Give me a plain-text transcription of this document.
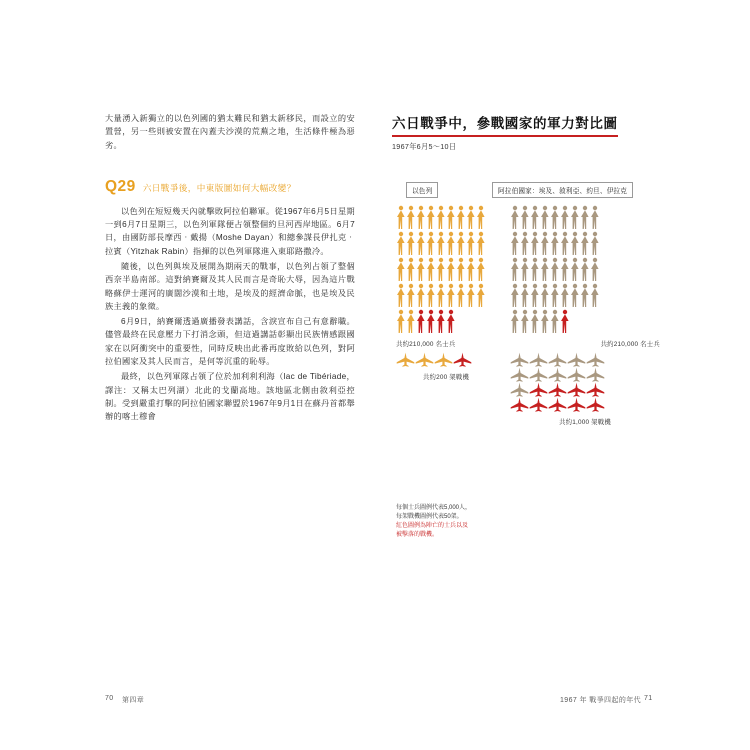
大量湧入新獨立的以色列國的猶太難民和猶太新移民，而設立的安置營，另一些則被安置在內蓋夫沙漠的荒蕪之地，生活條件極為惡劣。

Q29 六日戰爭後，中東版圖如何大幅改變？

以色列在短短幾天內就擊敗阿拉伯聯軍。從1967年6月5日星期一到6月7日星期三，以色列軍隊便占領整個約旦河西岸地區。6月7日，由國防部長摩西‧戴揚（Moshe Dayan）和總參謀長伊扎克‧拉賓（Yitzhak Rabin）指揮的以色列軍隊進入東耶路撒冷。

隨後，以色列與埃及展開為期兩天的戰事，以色列占領了整個西奈半島南部。這對納賽爾及其人民而言是奇恥大辱，因為這片戰略蘇伊士運河的廣闊沙漠和土地，是埃及的經濟命脈，也是埃及民族主義的象徵。

6月9日，納賽爾透過廣播發表講話，含淚宣布自己有意辭職。儘管最終在民意壓力下打消念頭，但這過講話彰顯出民族情感跟國家在以阿衝突中的重要性，同時反映出此番再度敗給以色列，對阿拉伯國家及其人民而言，是何等沉重的恥辱。

最終，以色列軍隊占領了位於加利利利海（lac de Tibériade，譯注：又稱太巴列湖）北此的戈蘭高地。該地區北側由敘利亞控制。受到嚴重打擊的阿拉伯國家聯盟於1967年9月1日在蘇丹首都舉辦的喀土穆會

六日戰爭中，參戰國家的軍力對比圖
1967年6月5～10日
以色列	阿拉伯國家：埃及、敘利亞、約旦、伊拉克
共約210,000 名士兵
共約200 架戰機
共約210,000 名士兵
共約1,000 架戰機
每個士兵圖例代表5,000人，
每架戰機圖例代表50架。
紅色圖例為陣亡的士兵以及
被擊落的戰機。
70 第四章	1967 年 戰爭四起的年代 71
